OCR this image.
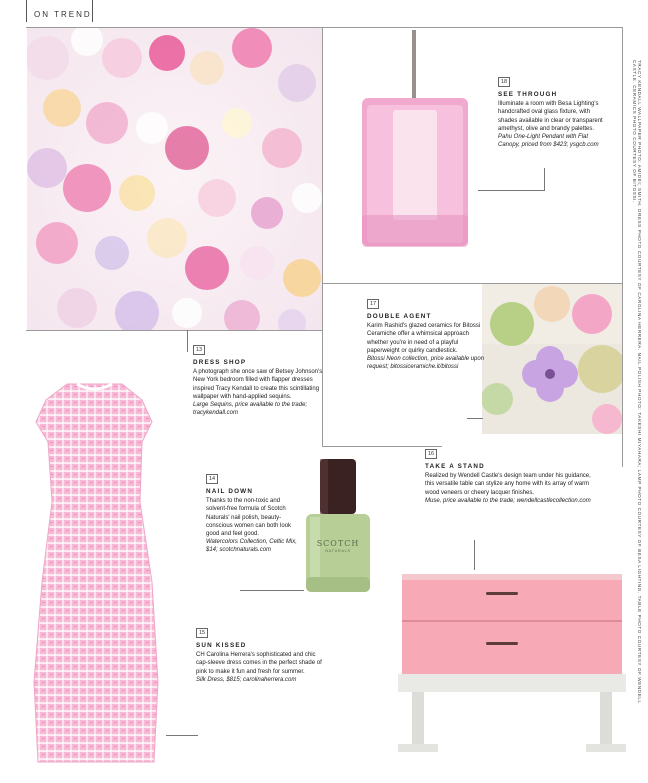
ON TREND
SCOTCH
NATURALS
13
DRESS SHOP
A photograph she once saw of Betsey Johnson's New York bedroom filled with flapper dresses inspired Tracy Kendall to create this scintillating wallpaper with hand-applied sequins.
Large Sequins, price available to the trade; tracykendall.com
14
NAIL DOWN
Thanks to the non-toxic and solvent-free formula of Scotch Naturals' nail polish, beauty-conscious women can both look good and feel good.
Watercolors Collection, Celtic Mix, $14; scotchnaturals.com
15
SUN KISSED
CH Carolina Herrera's sophisticated and chic cap-sleeve dress comes in the perfect shade of pink to make it fun and fresh for summer.
Silk Dress, $815; carolinaherrera.com
16
TAKE A STAND
Realized by Wendell Castle's design team under his guidance, this versatile table can stylize any home with its array of warm wood veneers or cheery lacquer finishes.
Muse, price available to the trade; wendellcastlecollection.com
17
DOUBLE AGENT
Karim Rashid's glazed ceramics for Bitossi Ceramiche offer a whimsical approach whether you're in need of a playful paperweight or quirky candlestick.
Bitossi Neon collection, price available upon request; bitossiceramiche.it/bitossi
18
SEE THROUGH
Illuminate a room with Besa Lighting's handcrafted oval glass fixture, with shades available in clear or transparent amethyst, olive and brandy palettes.
Pahu One-Light Pendant with Flat Canopy, priced from $423; ysgcb.com	TRACY KENDALL WALLPAPER PHOTO: AMIDEI; SMITH. DRESS PHOTO COURTESY OF CAROLINA HERRERA. NAIL POLISH PHOTO: TAKESHI MIYAHARA; LAMP PHOTO COURTESY OF BESA LIGHTING. TABLE PHOTO COURTESY OF WENDELL CASTLE. CERAMICS PHOTO COURTESY OF BITOSSI.
